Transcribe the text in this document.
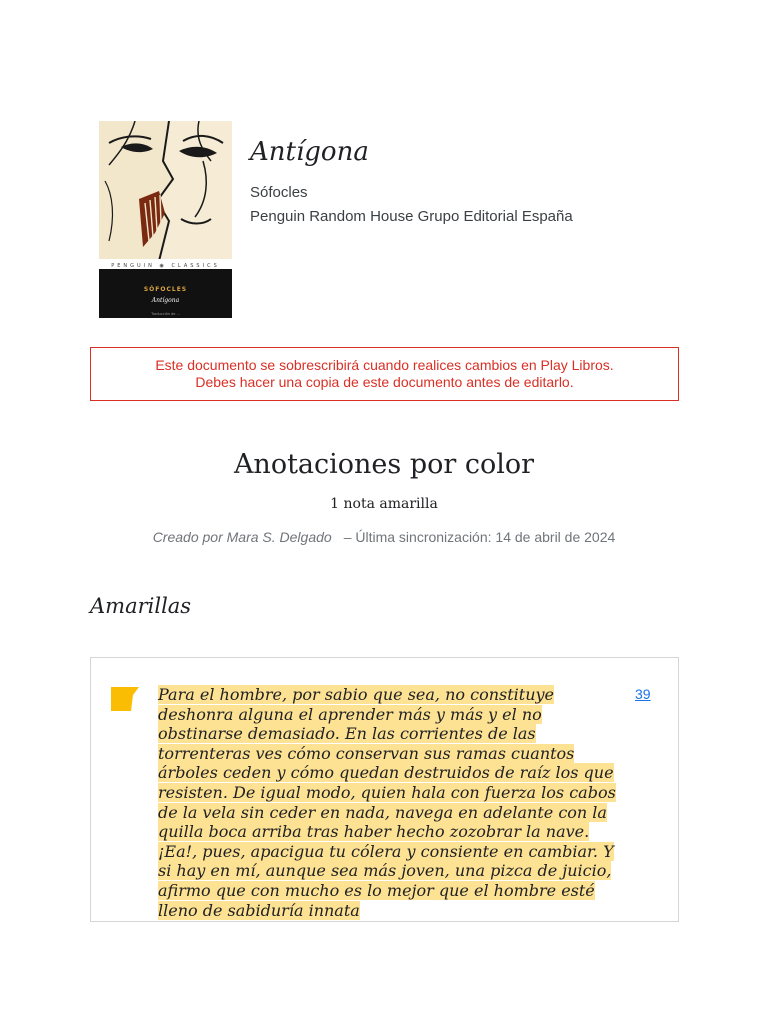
PENGUIN ◉ CLASSICS
SÓFOCLES
Antígona
Traducción de ...
Antígona
Sófocles
Penguin Random House Grupo Editorial España
Este documento se sobrescribirá cuando realices cambios en Play Libros.
Debes hacer una copia de este documento antes de editarlo.
Anotaciones por color
1 nota amarilla
Creado por Mara S. Delgado – Última sincronización: 14 de abril de 2024
Amarillas

Para el hombre, por sabio que sea, no constituye deshonra alguna el aprender más y más y el no obstinarse demasiado. En las corrientes de las torrenteras ves cómo conservan sus ramas cuantos árboles ceden y cómo quedan destruidos de raíz los que resisten. De igual modo, quien hala con fuerza los cabos de la vela sin ceder en nada, navega en adelante con la quilla boca arriba tras haber hecho zozobrar la nave. ¡Ea!, pues, apacigua tu cólera y consiente en cambiar. Y si hay en mí, aunque sea más joven, una pizca de juicio, afirmo que con mucho es lo mejor que el hombre esté lleno de sabiduría innata

39
